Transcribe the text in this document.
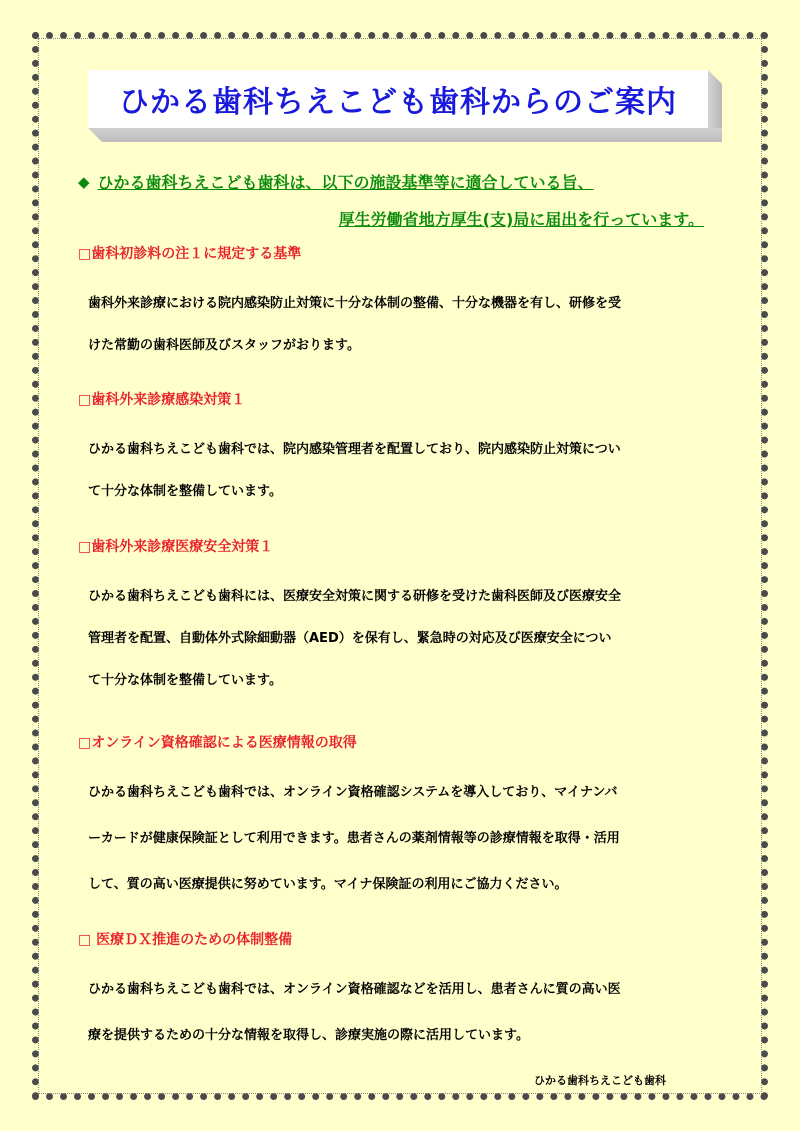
ひかる歯科ちえこども歯科からのご案内
◆ ひかる歯科ちえこども歯科は、以下の施設基準等に適合している旨、
厚生労働省地方厚生(支)局に届出を行っています。
□歯科初診料の注１に規定する基準
歯科外来診療における院内感染防止対策に十分な体制の整備、十分な機器を有し、研修を受
けた常勤の歯科医師及びスタッフがおります。
□歯科外来診療感染対策１
ひかる歯科ちえこども歯科では、院内感染管理者を配置しており、院内感染防止対策につい
て十分な体制を整備しています。
□歯科外来診療医療安全対策１
ひかる歯科ちえこども歯科には、医療安全対策に関する研修を受けた歯科医師及び医療安全
管理者を配置、自動体外式除細動器（AED）を保有し、緊急時の対応及び医療安全につい
て十分な体制を整備しています。
□オンライン資格確認による医療情報の取得
ひかる歯科ちえこども歯科では、オンライン資格確認システムを導入しており、マイナンバ
ーカードが健康保険証として利用できます。患者さんの薬剤情報等の診療情報を取得・活用
して、質の高い医療提供に努めています。マイナ保険証の利用にご協力ください。
□ 医療ＤＸ推進のための体制整備
ひかる歯科ちえこども歯科では、オンライン資格確認などを活用し、患者さんに質の高い医
療を提供するための十分な情報を取得し、診療実施の際に活用しています。
ひかる歯科ちえこども歯科
